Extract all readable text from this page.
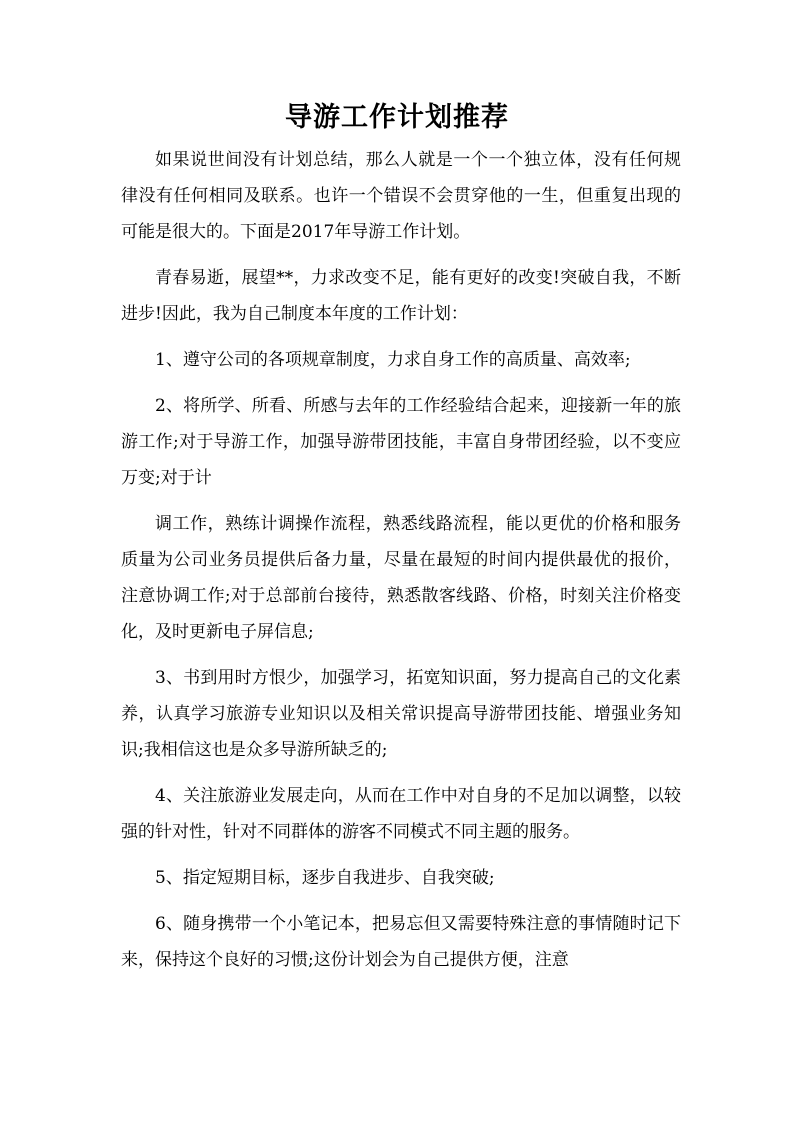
导游工作计划推荐

如果说世间没有计划总结，那么人就是一个一个独立体，没有任何规律没有任何相同及联系。也许一个错误不会贯穿他的一生，但重复出现的可能是很大的。下面是2017年导游工作计划。

青春易逝，展望**，力求改变不足，能有更好的改变!突破自我，不断进步!因此，我为自己制度本年度的工作计划：

1、遵守公司的各项规章制度，力求自身工作的高质量、高效率;

2、将所学、所看、所感与去年的工作经验结合起来，迎接新一年的旅游工作;对于导游工作，加强导游带团技能，丰富自身带团经验，以不变应万变;对于计

调工作，熟练计调操作流程，熟悉线路流程，能以更优的价格和服务质量为公司业务员提供后备力量，尽量在最短的时间内提供最优的报价，注意协调工作;对于总部前台接待，熟悉散客线路、价格，时刻关注价格变化，及时更新电子屏信息;

3、书到用时方恨少，加强学习，拓宽知识面，努力提高自己的文化素养，认真学习旅游专业知识以及相关常识提高导游带团技能、增强业务知识;我相信这也是众多导游所缺乏的;

4、关注旅游业发展走向，从而在工作中对自身的不足加以调整，以较强的针对性，针对不同群体的游客不同模式不同主题的服务。

5、指定短期目标，逐步自我进步、自我突破;

6、随身携带一个小笔记本，把易忘但又需要特殊注意的事情随时记下来，保持这个良好的习惯;这份计划会为自己提供方便，注意
